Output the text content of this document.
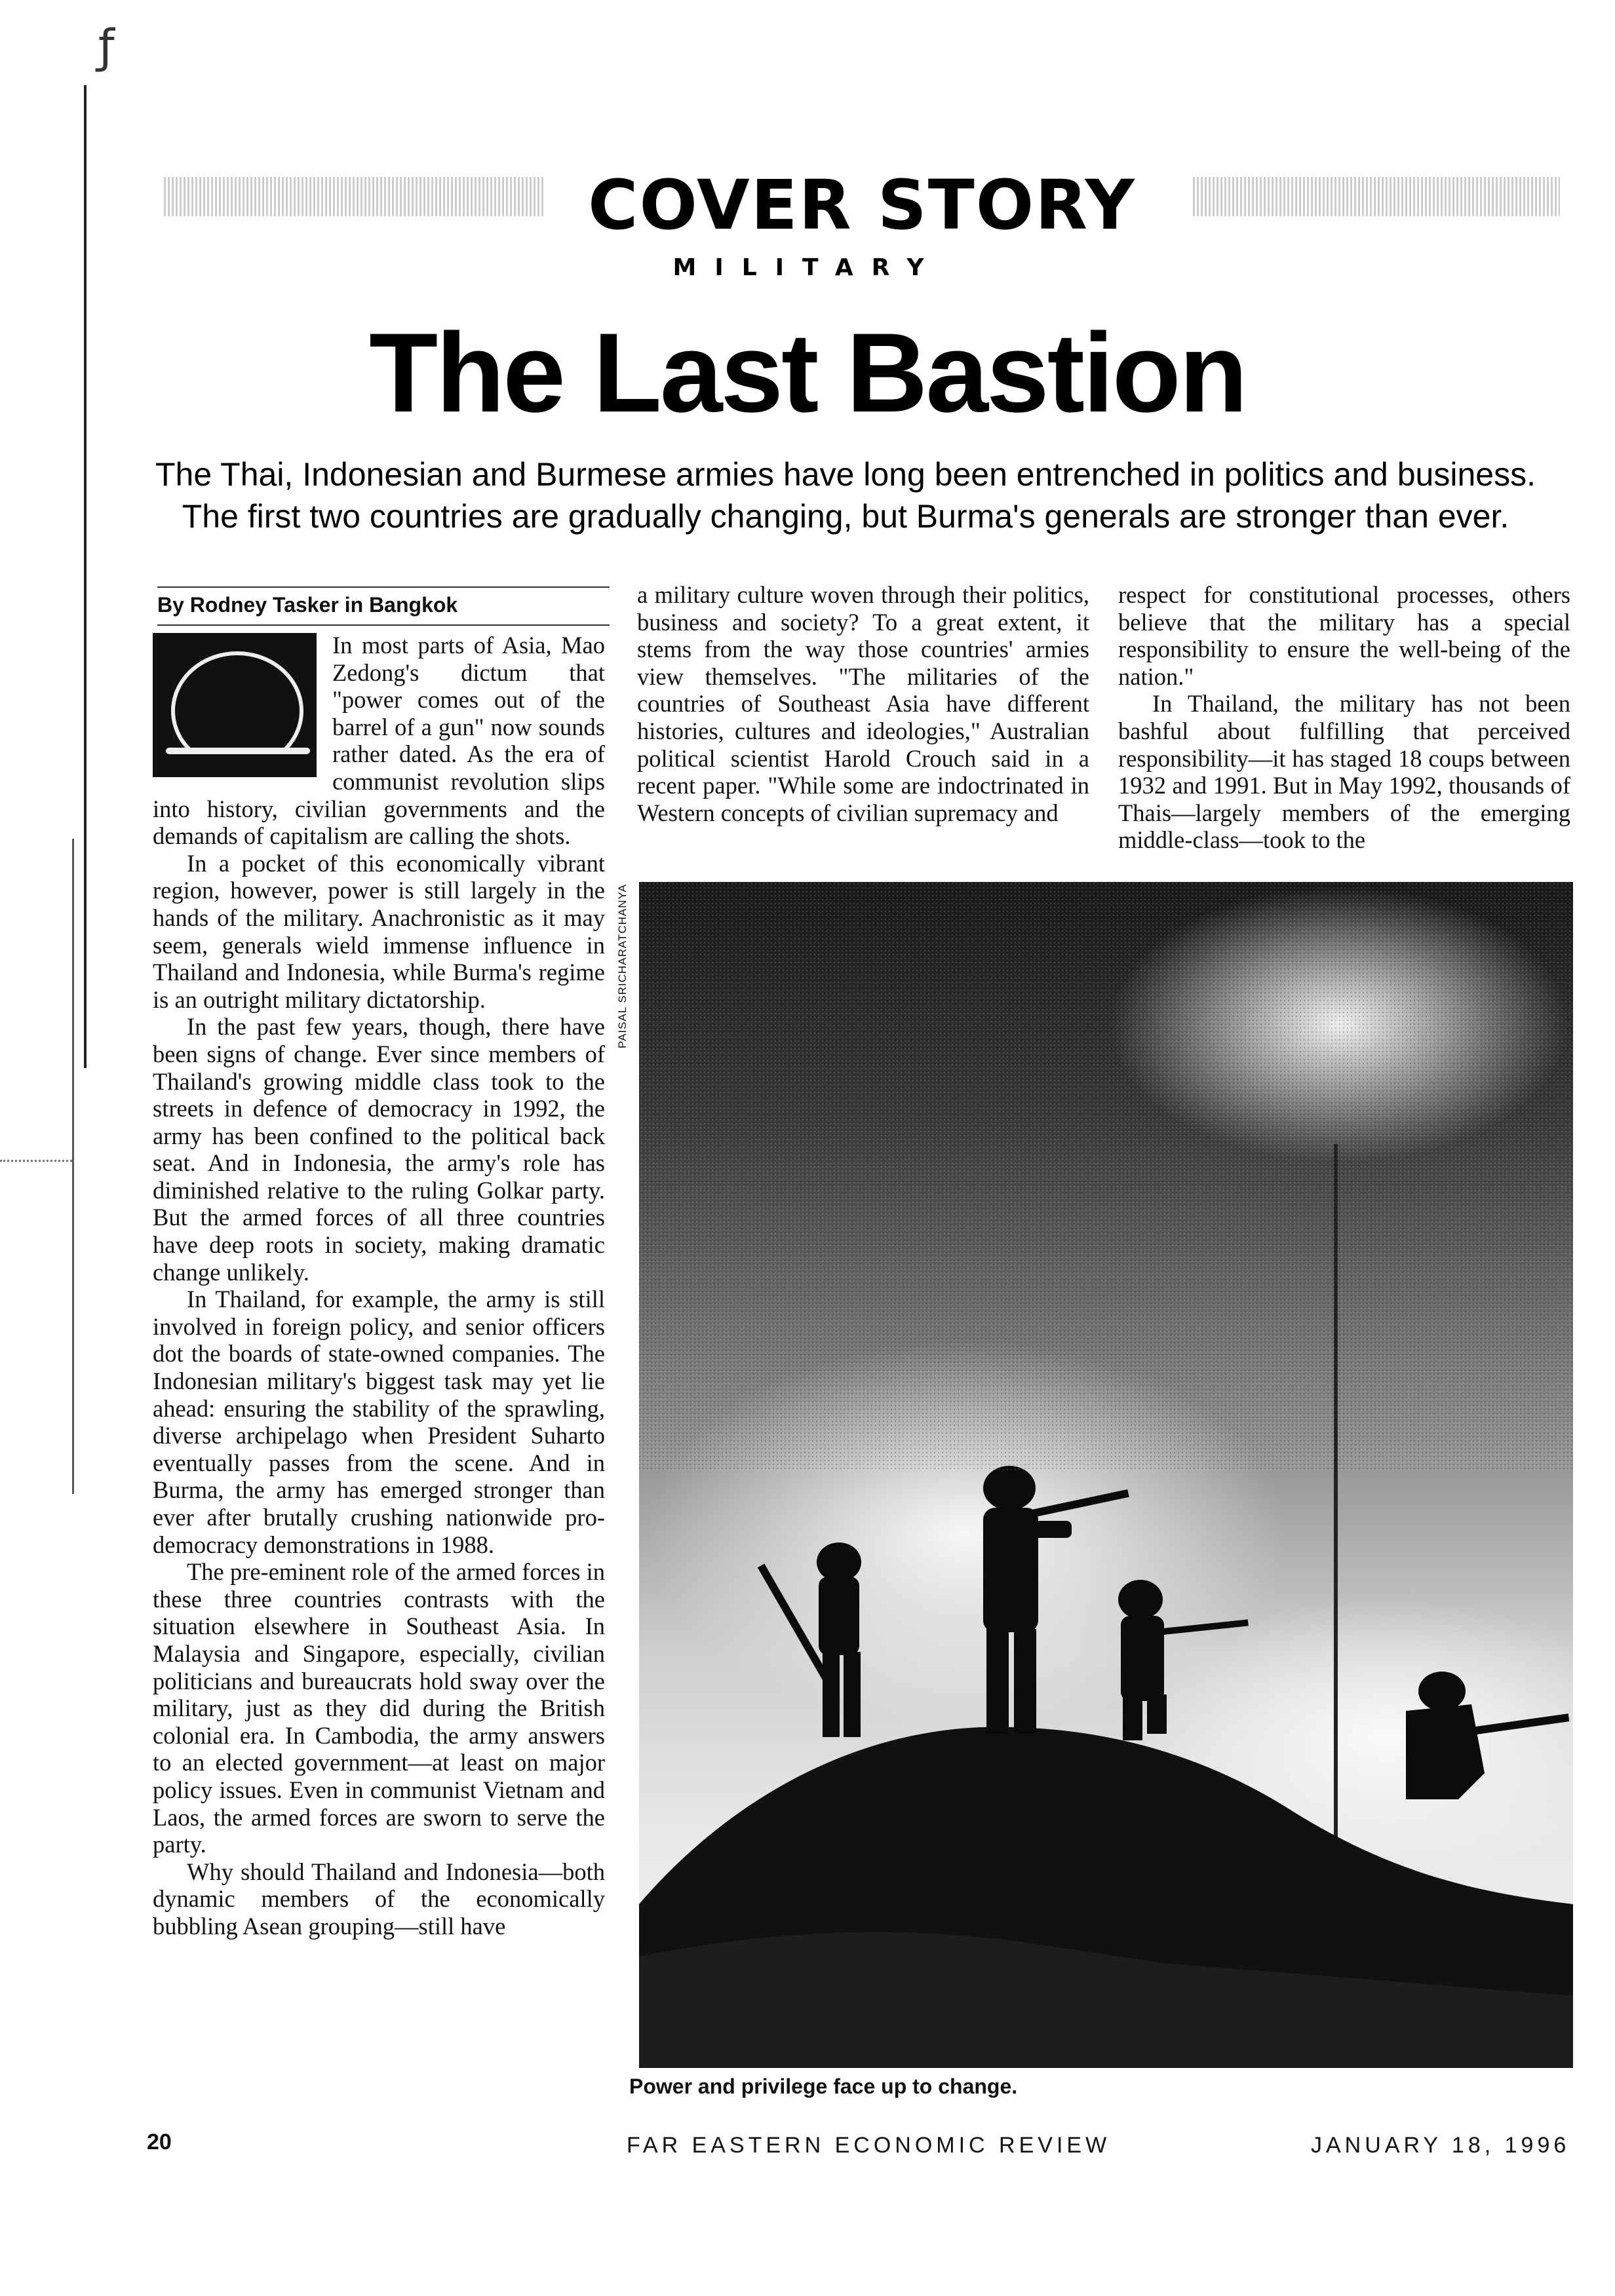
ƒ
COVER STORY
MILITARY
The Last Bastion
The Thai, Indonesian and Burmese armies have long been entrenched in politics and business.
The first two countries are gradually changing, but Burma's generals are stronger than ever.
By Rodney Tasker in Bangkok

In most parts of Asia, Mao Zedong's dictum that "power comes out of the barrel of a gun" now sounds rather dated. As the era of communist revolution slips into history, civilian governments and the demands of capitalism are calling the shots.

In a pocket of this economically vibrant region, however, power is still largely in the hands of the military. Anachronistic as it may seem, generals wield immense influence in Thailand and Indonesia, while Burma's regime is an outright military dictatorship.

In the past few years, though, there have been signs of change. Ever since members of Thailand's growing middle class took to the streets in defence of democracy in 1992, the army has been confined to the political back seat. And in Indonesia, the army's role has diminished relative to the ruling Golkar party. But the armed forces of all three countries have deep roots in society, making dramatic change unlikely.

In Thailand, for example, the army is still involved in foreign policy, and senior officers dot the boards of state-owned companies. The Indonesian military's biggest task may yet lie ahead: ensuring the stability of the sprawling, diverse archipelago when President Suharto eventually passes from the scene. And in Burma, the army has emerged stronger than ever after brutally crushing nationwide pro-democracy demonstrations in 1988.

The pre-eminent role of the armed forces in these three countries contrasts with the situation elsewhere in Southeast Asia. In Malaysia and Singapore, especially, civilian politicians and bureaucrats hold sway over the military, just as they did during the British colonial era. In Cambodia, the army answers to an elected government—at least on major policy issues. Even in communist Vietnam and Laos, the armed forces are sworn to serve the party.

Why should Thailand and Indonesia—both dynamic members of the economically bubbling Asean grouping—still have

a military culture woven through their politics, business and society? To a great extent, it stems from the way those countries' armies view themselves. "The militaries of the countries of Southeast Asia have different histories, cultures and ideologies," Australian political scientist Harold Crouch said in a recent paper. "While some are indoctrinated in Western concepts of civilian supremacy and

respect for constitutional processes, others believe that the military has a special responsibility to ensure the well-being of the nation."

In Thailand, the military has not been bashful about fulfilling that perceived responsibility—it has staged 18 coups between 1932 and 1991. But in May 1992, thousands of Thais—largely members of the emerging middle-class—took to the

PAISAL SRICHARATCHANYA
Power and privilege face up to change.
20	FAR EASTERN ECONOMIC REVIEW	JANUARY 18, 1996
